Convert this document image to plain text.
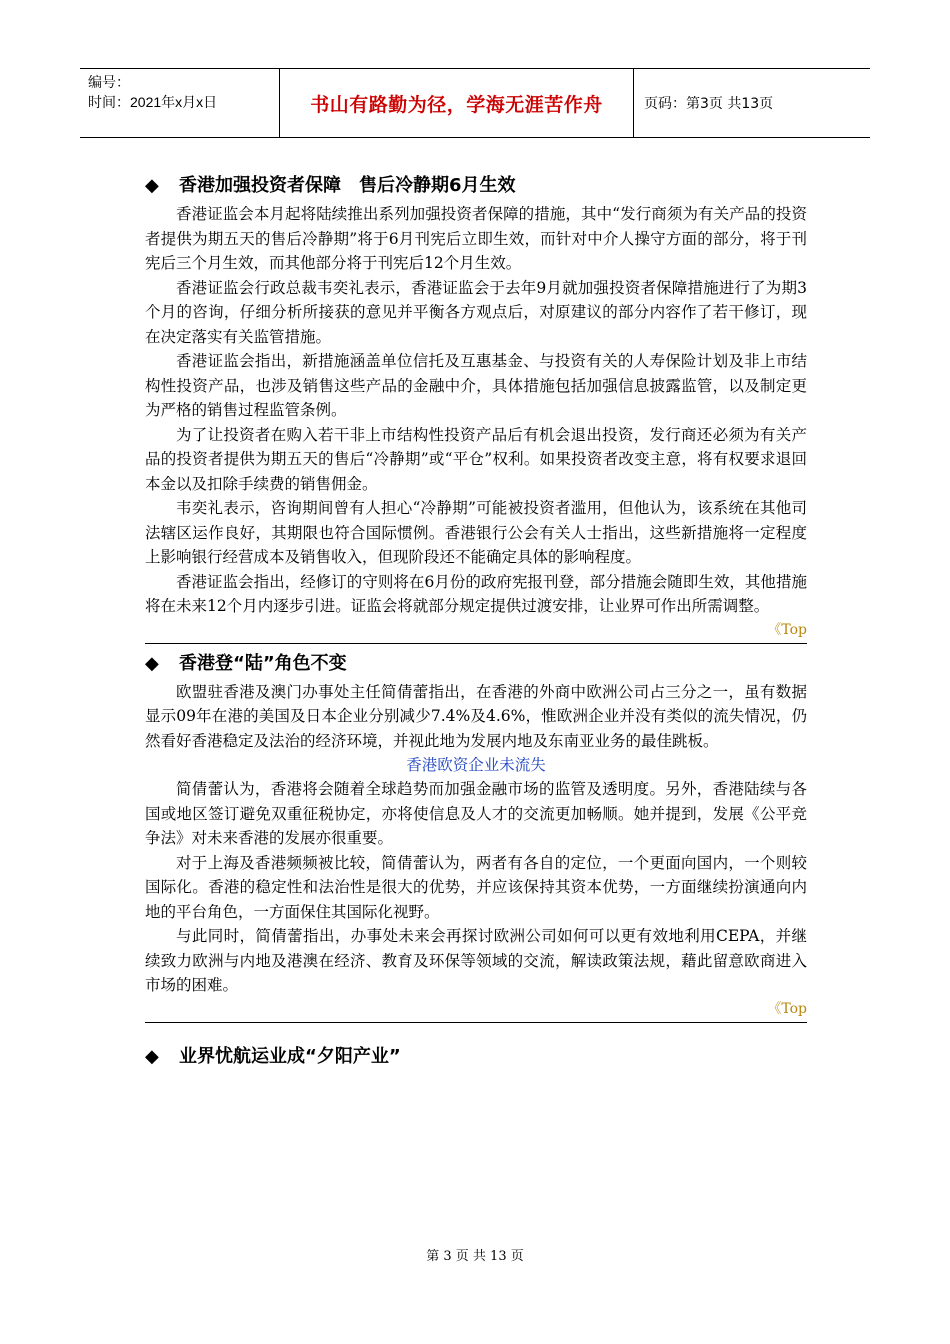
编号：
时间：2021年x月x日	书山有路勤为径，学海无涯苦作舟	页码：第3页 共13页
◆ 香港加强投资者保障　售后冷静期6月生效

香港证监会本月起将陆续推出系列加强投资者保障的措施，其中“发行商须为有关产品的投资者提供为期五天的售后冷静期”将于6月刊宪后立即生效，而针对中介人操守方面的部分，将于刊宪后三个月生效，而其他部分将于刊宪后12个月生效。

香港证监会行政总裁韦奕礼表示，香港证监会于去年9月就加强投资者保障措施进行了为期3个月的咨询，仔细分析所接获的意见并平衡各方观点后，对原建议的部分内容作了若干修订，现在决定落实有关监管措施。

香港证监会指出，新措施涵盖单位信托及互惠基金、与投资有关的人寿保险计划及非上市结构性投资产品，也涉及销售这些产品的金融中介，具体措施包括加强信息披露监管，以及制定更为严格的销售过程监管条例。

为了让投资者在购入若干非上市结构性投资产品后有机会退出投资，发行商还必须为有关产品的投资者提供为期五天的售后“冷静期”或“平仓”权利。如果投资者改变主意，将有权要求退回本金以及扣除手续费的销售佣金。

韦奕礼表示，咨询期间曾有人担心“冷静期”可能被投资者滥用，但他认为，该系统在其他司法辖区运作良好，其期限也符合国际惯例。香港银行公会有关人士指出，这些新措施将一定程度上影响银行经营成本及销售收入，但现阶段还不能确定具体的影响程度。

香港证监会指出，经修订的守则将在6月份的政府宪报刊登，部分措施会随即生效，其他措施将在未来12个月内逐步引进。证监会将就部分规定提供过渡安排，让业界可作出所需调整。

《Top
◆ 香港登“陆”角色不变

欧盟驻香港及澳门办事处主任简倩蕾指出，在香港的外商中欧洲公司占三分之一，虽有数据显示09年在港的美国及日本企业分别减少7.4%及4.6%，惟欧洲企业并没有类似的流失情况，仍然看好香港稳定及法治的经济环境，并视此地为发展内地及东南亚业务的最佳跳板。

香港欧资企业未流失

简倩蕾认为，香港将会随着全球趋势而加强金融市场的监管及透明度。另外，香港陆续与各国或地区签订避免双重征税协定，亦将使信息及人才的交流更加畅顺。她并提到，发展《公平竞争法》对未来香港的发展亦很重要。

对于上海及香港频频被比较，简倩蕾认为，两者有各自的定位，一个更面向国内，一个则较国际化。香港的稳定性和法治性是很大的优势，并应该保持其资本优势，一方面继续扮演通向内地的平台角色，一方面保住其国际化视野。

与此同时，简倩蕾指出，办事处未来会再探讨欧洲公司如何可以更有效地利用CEPA，并继续致力欧洲与内地及港澳在经济、教育及环保等领域的交流，解读政策法规，藉此留意欧商进入市场的困难。

《Top
◆ 业界忧航运业成“夕阳产业”
第 3 页 共 13 页
